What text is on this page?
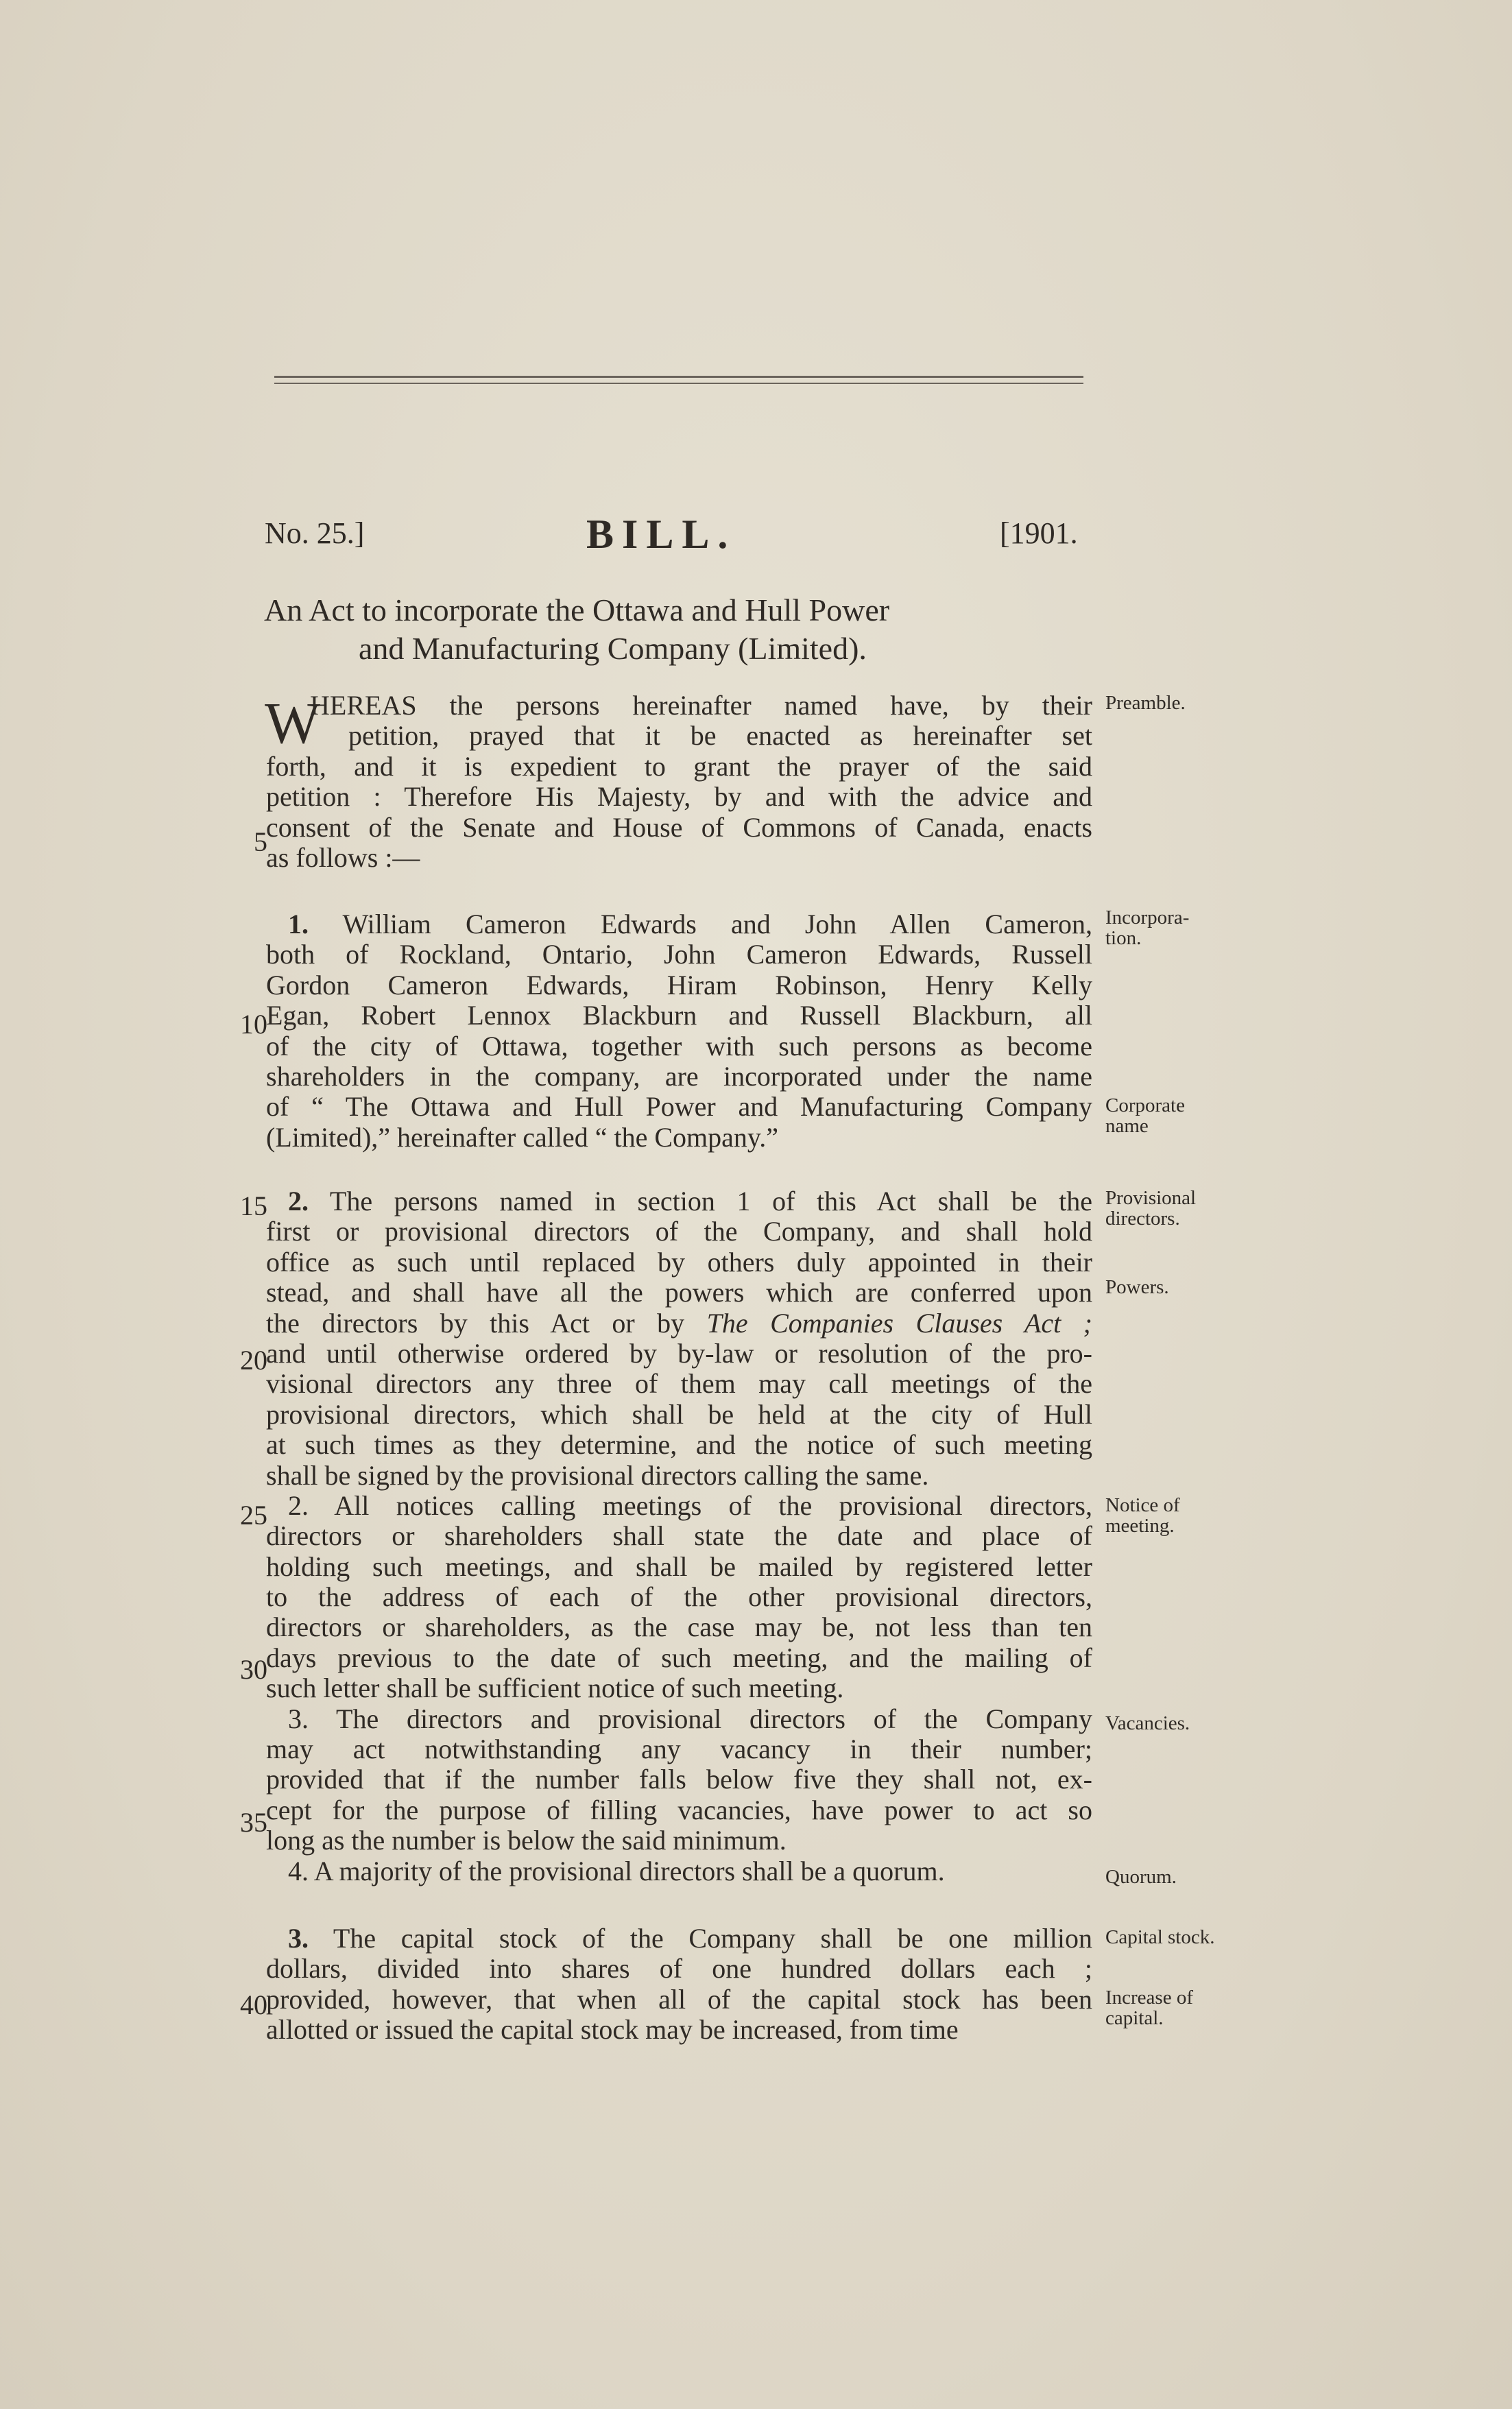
No. 25.]	BILL.	[1901.
An Act to incorporate the Ottawa and Hull Power
and Manufacturing Company (Limited).
W
HEREAS the persons hereinafter named have, by their
petition, prayed that it be enacted as hereinafter set
forth, and it is expedient to grant the prayer of the said
petition : Therefore His Majesty, by and with the advice and
consent of the Senate and House of Commons of Canada, enacts
as follows :—
1. William Cameron Edwards and John Allen Cameron,
both of Rockland, Ontario, John Cameron Edwards, Russell
Gordon Cameron Edwards, Hiram Robinson, Henry Kelly
Egan, Robert Lennox Blackburn and Russell Blackburn, all
of the city of Ottawa, together with such persons as become
shareholders in the company, are incorporated under the name
of “ The Ottawa and Hull Power and Manufacturing Company
(Limited),” hereinafter called “ the Company.”
2. The persons named in section 1 of this Act shall be the
first or provisional directors of the Company, and shall hold
office as such until replaced by others duly appointed in their
stead, and shall have all the powers which are conferred upon
the directors by this Act or by The Companies Clauses Act ;
and until otherwise ordered by by-law or resolution of the pro-
visional directors any three of them may call meetings of the
provisional directors, which shall be held at the city of Hull
at such times as they determine, and the notice of such meeting
shall be signed by the provisional directors calling the same.
2. All notices calling meetings of the provisional directors,
directors or shareholders shall state the date and place of
holding such meetings, and shall be mailed by registered letter
to the address of each of the other provisional directors,
directors or shareholders, as the case may be, not less than ten
days previous to the date of such meeting, and the mailing of
such letter shall be sufficient notice of such meeting.
3. The directors and provisional directors of the Company
may act notwithstanding any vacancy in their number;
provided that if the number falls below five they shall not, ex-
cept for the purpose of filling vacancies, have power to act so
long as the number is below the said minimum.
4. A majority of the provisional directors shall be a quorum.
3. The capital stock of the Company shall be one million
dollars, divided into shares of one hundred dollars each ;
provided, however, that when all of the capital stock has been
allotted or issued the capital stock may be increased, from time
5
10
15
20
25
30
35
40
Preamble.
Incorpora-tion.
Corporate name
Provisional directors.
Powers.
Notice of meeting.
Vacancies.
Quorum.
Capital stock.
Increase of capital.
